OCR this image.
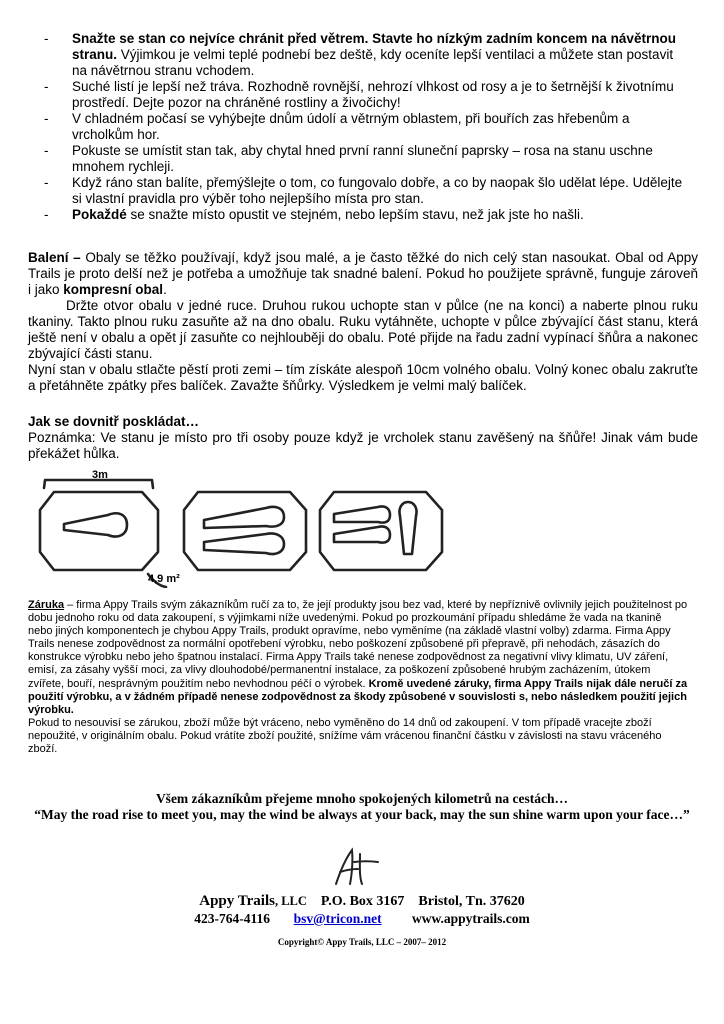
- Snažte se stan co nejvíce chránit před větrem. Stavte ho nízkým zadním koncem na návětrnou stranu. Výjimkou je velmi teplé podnebí bez deště, kdy oceníte lepší ventilaci a můžete stan postavit na návětrnou stranu vchodem.
- Suché listí je lepší než tráva. Rozhodně rovnější, nehrozí vlhkost od rosy a je to šetrnější k životnímu prostředí. Dejte pozor na chráněné rostliny a živočichy!
- V chladném počasí se vyhýbejte dnům údolí a větrným oblastem, při bouřích zas hřebenům a vrcholkům hor.
- Pokuste se umístit stan tak, aby chytal hned první ranní sluneční paprsky – rosa na stanu uschne mnohem rychleji.
- Když ráno stan balíte, přemýšlejte o tom, co fungovalo dobře, a co by naopak šlo udělat lépe. Udělejte si vlastní pravidla pro výběr toho nejlepšího místa pro stan.
- Pokaždé se snažte místo opustit ve stejném, nebo lepším stavu, než jak jste ho našli.

Balení – Obaly se těžko používají, když jsou malé, a je často těžké do nich celý stan nasoukat. Obal od Appy Trails je proto delší než je potřeba a umožňuje tak snadné balení. Pokud ho použijete správně, funguje zároveň i jako kompresní obal.

Držte otvor obalu v jedné ruce. Druhou rukou uchopte stan v půlce (ne na konci) a naberte plnou ruku tkaniny. Takto plnou ruku zasuňte až na dno obalu. Ruku vytáhněte, uchopte v půlce zbývající část stanu, která ještě není v obalu a opět jí zasuňte co nejhlouběji do obalu. Poté přijde na řadu zadní vypínací šňůra a nakonec zbývající části stanu.

Nyní stan v obalu stlačte pěstí proti zemi – tím získáte alespoň 10cm volného obalu. Volný konec obalu zakruťte a přetáhněte zpátky přes balíček. Zavažte šňůrky. Výsledkem je velmi malý balíček.

Jak se dovnitř poskládat…

Poznámka: Ve stanu je místo pro tři osoby pouze když je vrcholek stanu zavěšený na šňůře! Jinak vám bude překážet hůlka.

3m
4,9 m²

Záruka – firma Appy Trails svým zákazníkům ručí za to, že její produkty jsou bez vad, které by nepříznivě ovlivnily jejich použitelnost po dobu jednoho roku od data zakoupení, s výjimkami níže uvedenými. Pokud po prozkoumání případu shledáme že vada na tkanině nebo jiných komponentech je chybou Appy Trails, produkt opravíme, nebo vyměníme (na základě vlastní volby) zdarma. Firma Appy Trails nenese zodpovědnost za normální opotřebení výrobku, nebo poškození způsobené při přepravě, při nehodách, zásazích do konstrukce výrobku nebo jeho špatnou instalací. Firma Appy Trails také nenese zodpovědnost za negativní vlivy klimatu, UV záření, emisí, za zásahy vyšší moci, za vlivy dlouhodobé/permanentní instalace, za poškození způsobené hrubým zacházením, útokem zvířete, bouří, nesprávným použitím nebo nevhodnou péčí o výrobek. Kromě uvedené záruky, firma Appy Trails nijak dále neručí za použití výrobku, a v žádném případě nenese zodpovědnost za škody způsobené v souvislosti s, nebo následkem použití jejich výrobku.

Pokud to nesouvisí se zárukou, zboží může být vráceno, nebo vyměněno do 14 dnů od zakoupení. V tom případě vracejte zboží nepoužité, v originálním obalu. Pokud vrátíte zboží použité, snížíme vám vrácenou finanční částku v závislosti na stavu vráceného zboží.

Všem zákazníkům přejeme mnoho spokojených kilometrů na cestách…
“May the road rise to meet you, may the wind be always at your back, may the sun shine warm upon your face…”
Appy Trails, LLC P.O. Box 3167 Bristol, Tn. 37620
423-764-4116 bsv@tricon.net www.appytrails.com
Copyright© Appy Trails, LLC – 2007– 2012
